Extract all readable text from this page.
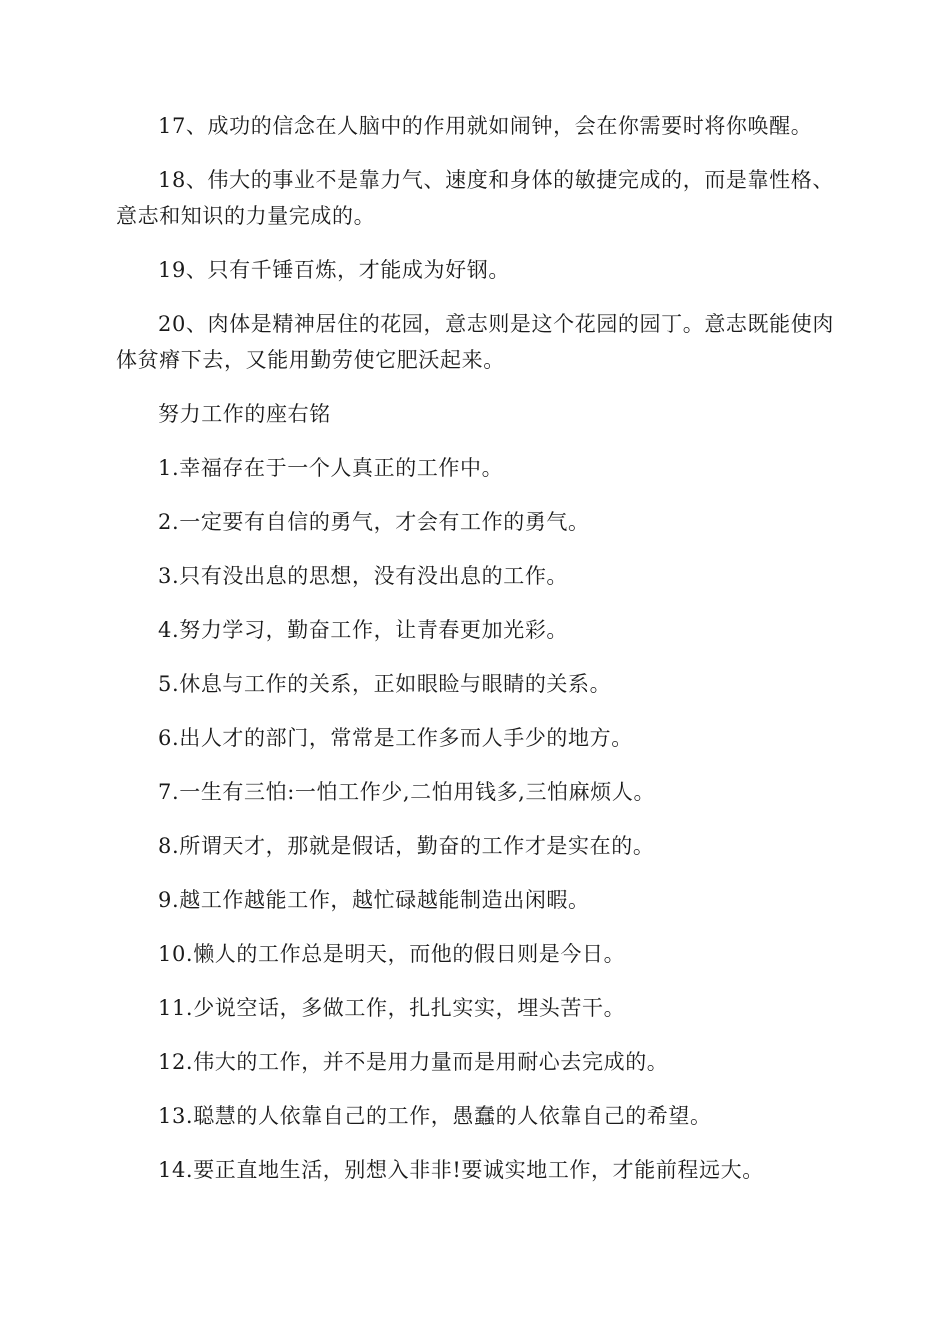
17、成功的信念在人脑中的作用就如闹钟，会在你需要时将你唤醒。

18、伟大的事业不是靠力气、速度和身体的敏捷完成的，而是靠性格、意志和知识的力量完成的。

19、只有千锤百炼，才能成为好钢。

20、肉体是精神居住的花园，意志则是这个花园的园丁。意志既能使肉体贫瘠下去，又能用勤劳使它肥沃起来。

努力工作的座右铭

1.幸福存在于一个人真正的工作中。

2.一定要有自信的勇气，才会有工作的勇气。

3.只有没出息的思想，没有没出息的工作。

4.努力学习，勤奋工作，让青春更加光彩。

5.休息与工作的关系，正如眼睑与眼睛的关系。

6.出人才的部门，常常是工作多而人手少的地方。

7.一生有三怕:一怕工作少,二怕用钱多,三怕麻烦人。

8.所谓天才，那就是假话，勤奋的工作才是实在的。

9.越工作越能工作，越忙碌越能制造出闲暇。

10.懒人的工作总是明天，而他的假日则是今日。

11.少说空话，多做工作，扎扎实实，埋头苦干。

12.伟大的工作，并不是用力量而是用耐心去完成的。

13.聪慧的人依靠自己的工作，愚蠢的人依靠自己的希望。

14.要正直地生活，别想入非非!要诚实地工作，才能前程远大。
